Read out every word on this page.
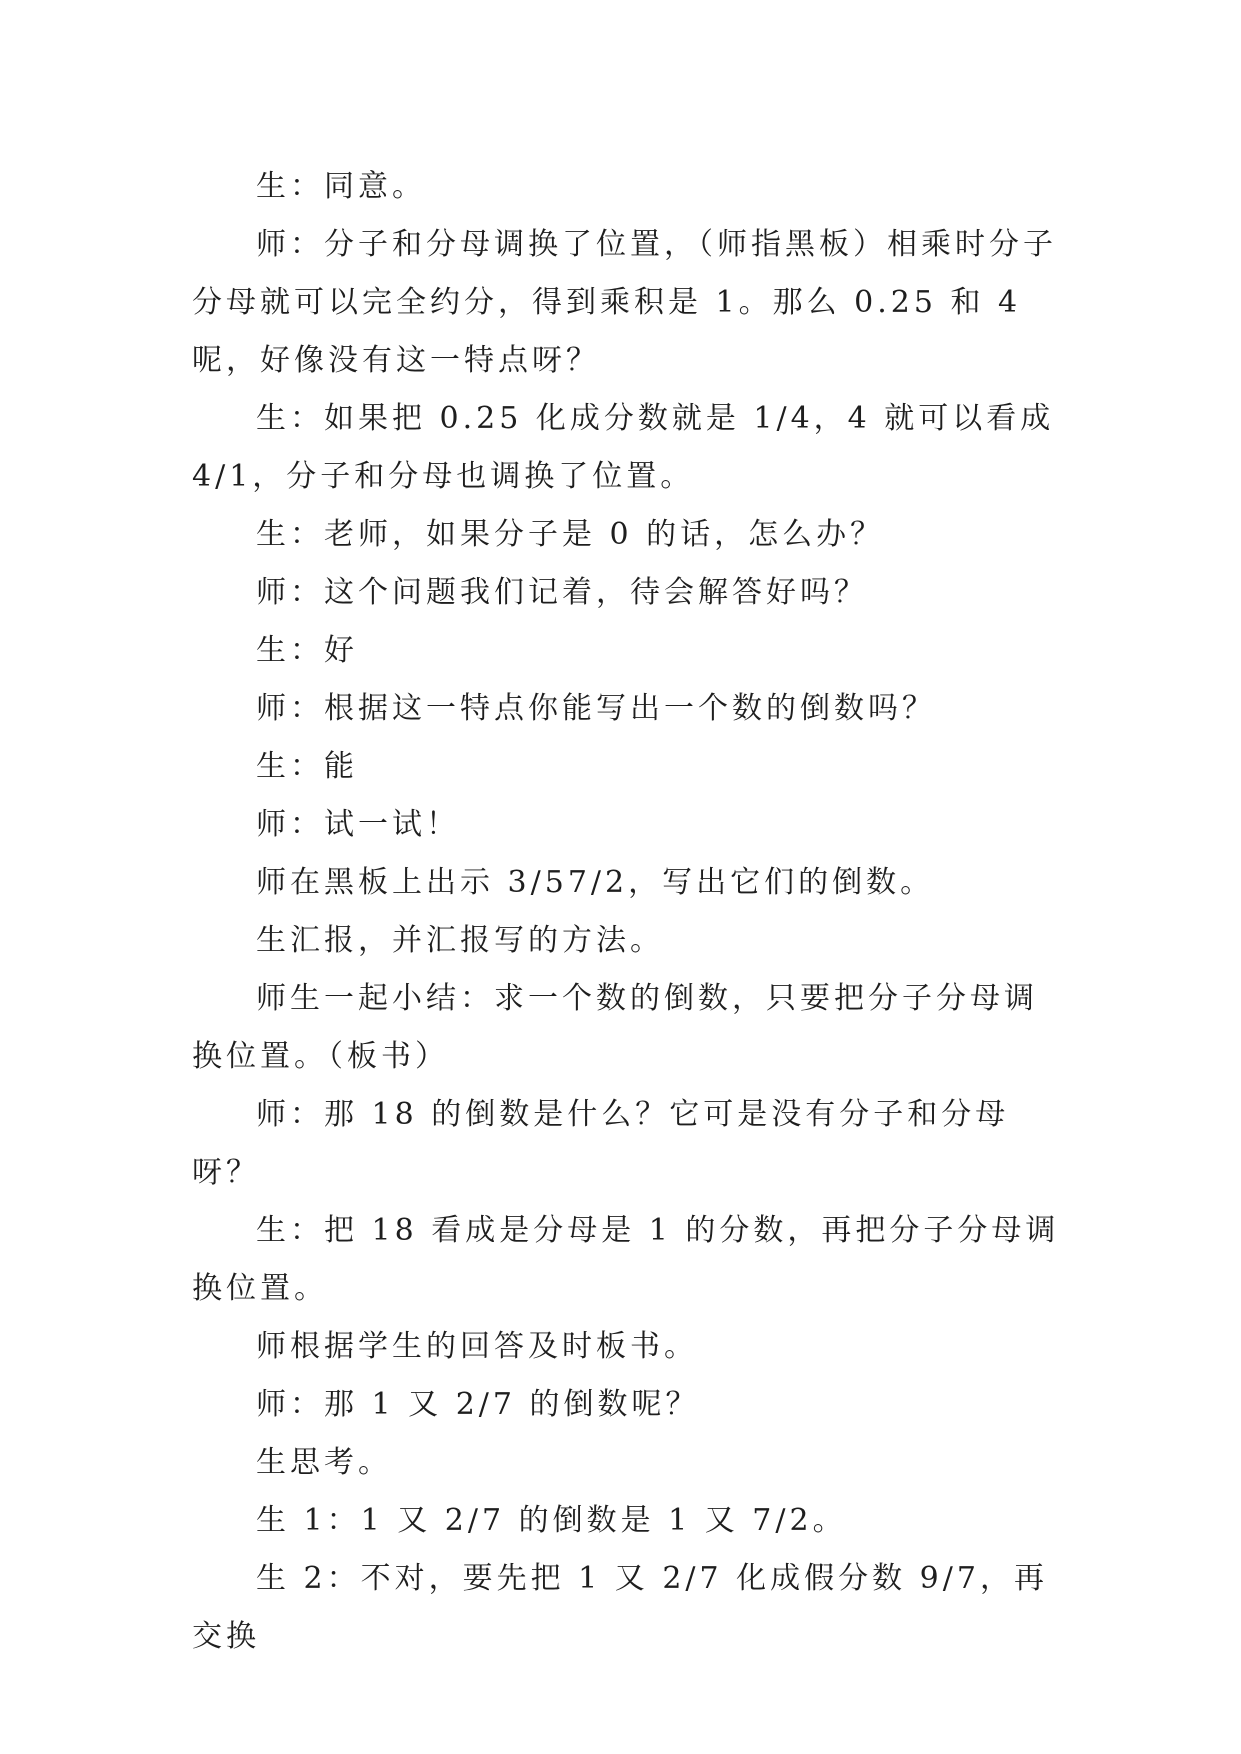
生：同意。

师：分子和分母调换了位置，（师指黑板）相乘时分子分母就可以完全约分，得到乘积是 1。那么 0.25 和 4 呢，好像没有这一特点呀？

生：如果把 0.25 化成分数就是 1/4，4 就可以看成 4/1，分子和分母也调换了位置。

生：老师，如果分子是 0 的话，怎么办？

师：这个问题我们记着，待会解答好吗？

生：好

师：根据这一特点你能写出一个数的倒数吗？

生：能

师：试一试！

师在黑板上出示 3/57/2，写出它们的倒数。

生汇报，并汇报写的方法。

师生一起小结：求一个数的倒数，只要把分子分母调换位置。（板书）

师：那 18 的倒数是什么？它可是没有分子和分母呀？

生：把 18 看成是分母是 1 的分数，再把分子分母调换位置。

师根据学生的回答及时板书。

师：那 1 又 2/7 的倒数呢？

生思考。

生 1：1 又 2/7 的倒数是 1 又 7/2。

生 2：不对，要先把 1 又 2/7 化成假分数 9/7，再交换
